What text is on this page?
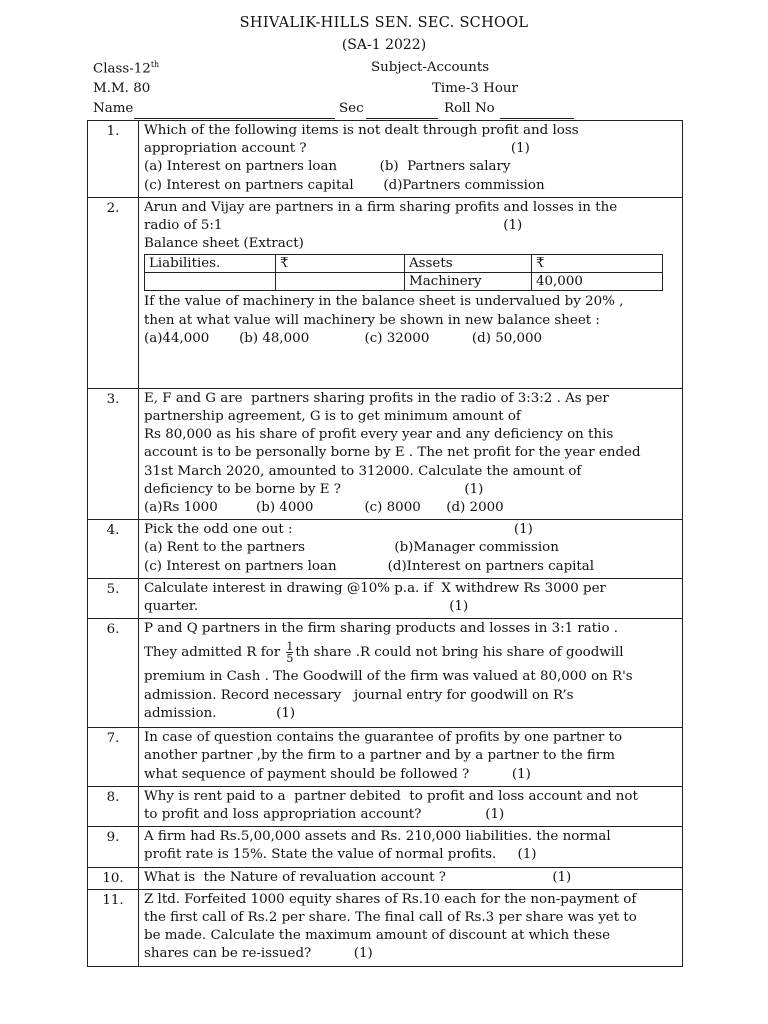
SHIVALIK-HILLS SEN. SEC. SCHOOL
(SA-1 2022)
Class-12th	Subject-Accounts
M.M. 80	Time-3 Hour
Name	Sec	Roll No
1.	Which of the following items is not dealt through profit and loss
appropriation account ?                                                (1)
(a) Interest on partners loan          (b)  Partners salary
(c) Interest on partners capital       (d)Partners commission

2.	Arun and Vijay are partners in a firm sharing profits and losses in the
radio of 5:1                                                                  (1)
Balance sheet (Extract)
Liabilities.	₹	Assets	₹
		Machinery	40,000
If the value of machinery in the balance sheet is undervalued by 20% ,
then at what value will machinery be shown in new balance sheet :
(a)44,000       (b) 48,000             (c) 32000          (d) 50,000

3.	E, F and G are  partners sharing profits in the radio of 3:3:2 . As per
partnership agreement, G is to get minimum amount of
Rs 80,000 as his share of profit every year and any deficiency on this
account is to be personally borne by E . The net profit for the year ended
31st March 2020, amounted to 312000. Calculate the amount of
deficiency to be borne by E ?                             (1)
(a)Rs 1000         (b) 4000            (c) 8000      (d) 2000

4.	Pick the odd one out :                                                    (1)
(a) Rent to the partners                     (b)Manager commission
(c) Interest on partners loan            (d)Interest on partners capital

5.	Calculate interest in drawing @10% p.a. if  X withdrew Rs 3000 per
quarter.                                                           (1)

6.	P and Q partners in the firm sharing products and losses in 3:1 ratio .
They admitted R for $\frac{1}{5}$ th share .R could not bring his share of goodwill
premium in Cash . The Goodwill of the firm was valued at 80,000 on R's
admission. Record necessary   journal entry for goodwill on R’s
admission.              (1)

7.	In case of question contains the guarantee of profits by one partner to
another partner ,by the firm to a partner and by a partner to the firm
what sequence of payment should be followed ?          (1)

8.	Why is rent paid to a  partner debited  to profit and loss account and not
to profit and loss appropriation account?               (1)

9.	A firm had Rs.5,00,000 assets and Rs. 210,000 liabilities. the normal
profit rate is 15%. State the value of normal profits.     (1)

10.	What is  the Nature of revaluation account ?                         (1)

11.	Z ltd. Forfeited 1000 equity shares of Rs.10 each for the non-payment of
the first call of Rs.2 per share. The final call of Rs.3 per share was yet to
be made. Calculate the maximum amount of discount at which these
shares can be re-issued?          (1)
